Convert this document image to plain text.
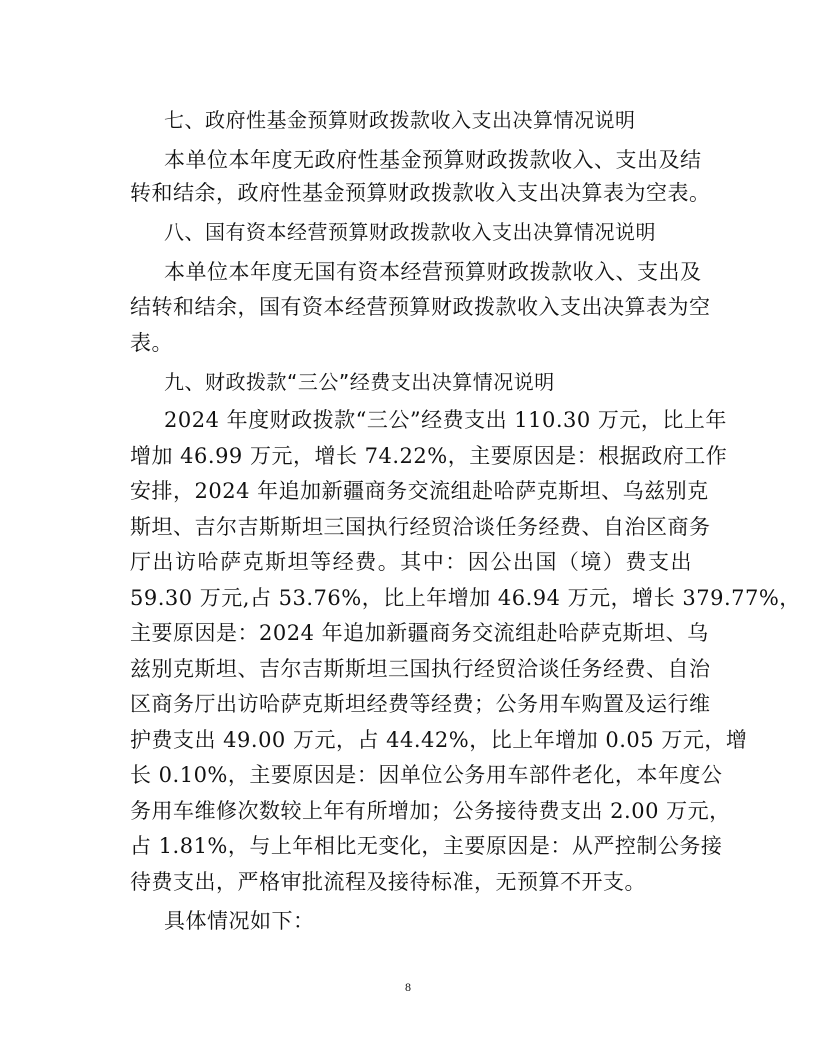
七、政府性基金预算财政拨款收入支出决算情况说明
本单位本年度无政府性基金预算财政拨款收入、支出及结
转和结余，政府性基金预算财政拨款收入支出决算表为空表。
八、国有资本经营预算财政拨款收入支出决算情况说明
本单位本年度无国有资本经营预算财政拨款收入、支出及
结转和结余，国有资本经营预算财政拨款收入支出决算表为空
表。
九、财政拨款“三公”经费支出决算情况说明
2024 年度财政拨款“三公”经费支出 110.30 万元，比上年
增加 46.99 万元，增长 74.22%，主要原因是：根据政府工作
安排，2024 年追加新疆商务交流组赴哈萨克斯坦、乌兹别克
斯坦、吉尔吉斯斯坦三国执行经贸洽谈任务经费、自治区商务
厅出访哈萨克斯坦等经费。其中：因公出国（境）费支出
59.30 万元,占 53.76%，比上年增加 46.94 万元，增长 379.77%，
主要原因是：2024 年追加新疆商务交流组赴哈萨克斯坦、乌
兹别克斯坦、吉尔吉斯斯坦三国执行经贸洽谈任务经费、自治
区商务厅出访哈萨克斯坦经费等经费；公务用车购置及运行维
护费支出 49.00 万元，占 44.42%，比上年增加 0.05 万元，增
长 0.10%，主要原因是：因单位公务用车部件老化，本年度公
务用车维修次数较上年有所增加；公务接待费支出 2.00 万元，
占 1.81%，与上年相比无变化，主要原因是：从严控制公务接
待费支出，严格审批流程及接待标准，无预算不开支。
具体情况如下：
8
